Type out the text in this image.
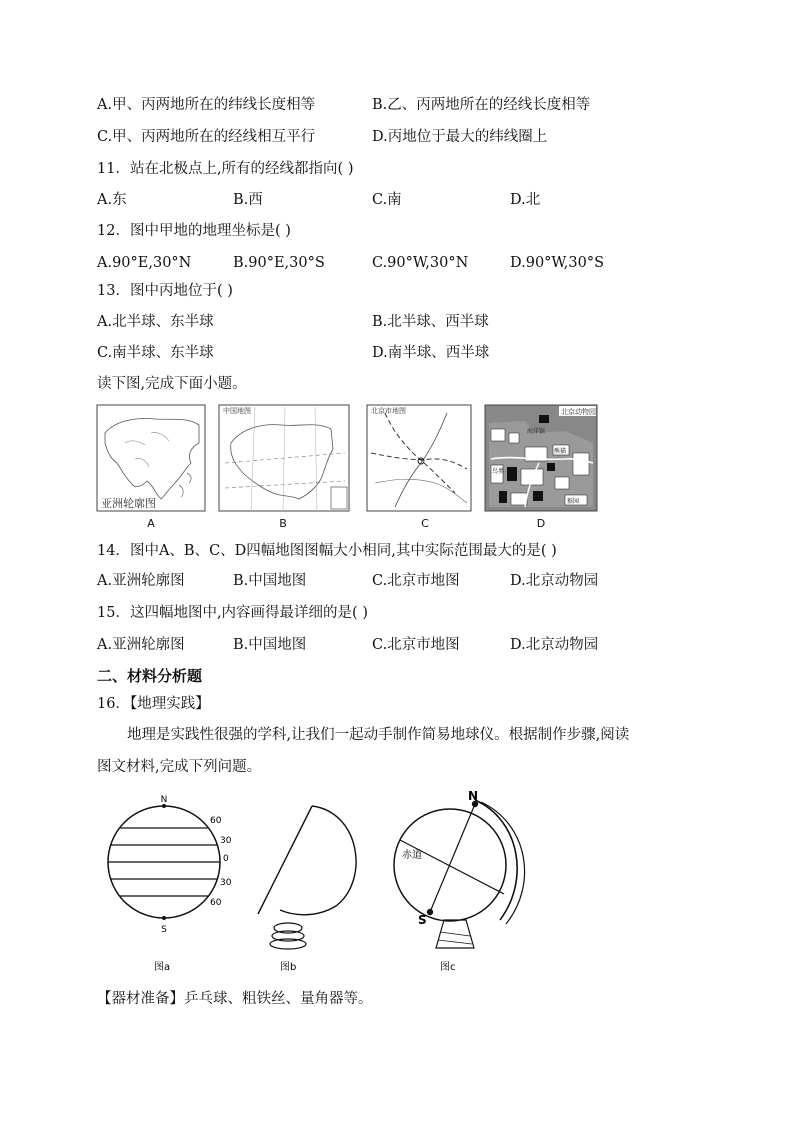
A.甲、丙两地所在的纬线长度相等	B.乙、丙两地所在的经线长度相等
C.甲、丙两地所在的经线相互平行	D.丙地位于最大的纬线圈上
11．站在北极点上,所有的经线都指向( )
A.东	B.西	C.南	D.北
12．图中甲地的地理坐标是( )
A.90°E,30°N	B.90°E,30°S	C.90°W,30°N	D.90°W,30°S
13．图中丙地位于( )
A.北半球、东半球	B.北半球、西半球
C.南半球、东半球	D.南半球、西半球
读下图,完成下面小题。
亚洲轮廓图
A
中国地图
B
北京市地图
C
北京动物园
海洋馆
熊猫
鸟类
猴园
D
14．图中A、B、C、D四幅地图图幅大小相同,其中实际范围最大的是( )
A.亚洲轮廓图	B.中国地图	C.北京市地图	D.北京动物园
15．这四幅地图中,内容画得最详细的是( )
A.亚洲轮廓图	B.中国地图	C.北京市地图	D.北京动物园
二、材料分析题
16．【地理实践】
地理是实践性很强的学科,让我们一起动手制作简易地球仪。根据制作步骤,阅读
图文材料,完成下列问题。
N
S
60
30
0
30
60
图a	图b
N
S
赤道
图c
【器材准备】乒乓球、粗铁丝、量角器等。
